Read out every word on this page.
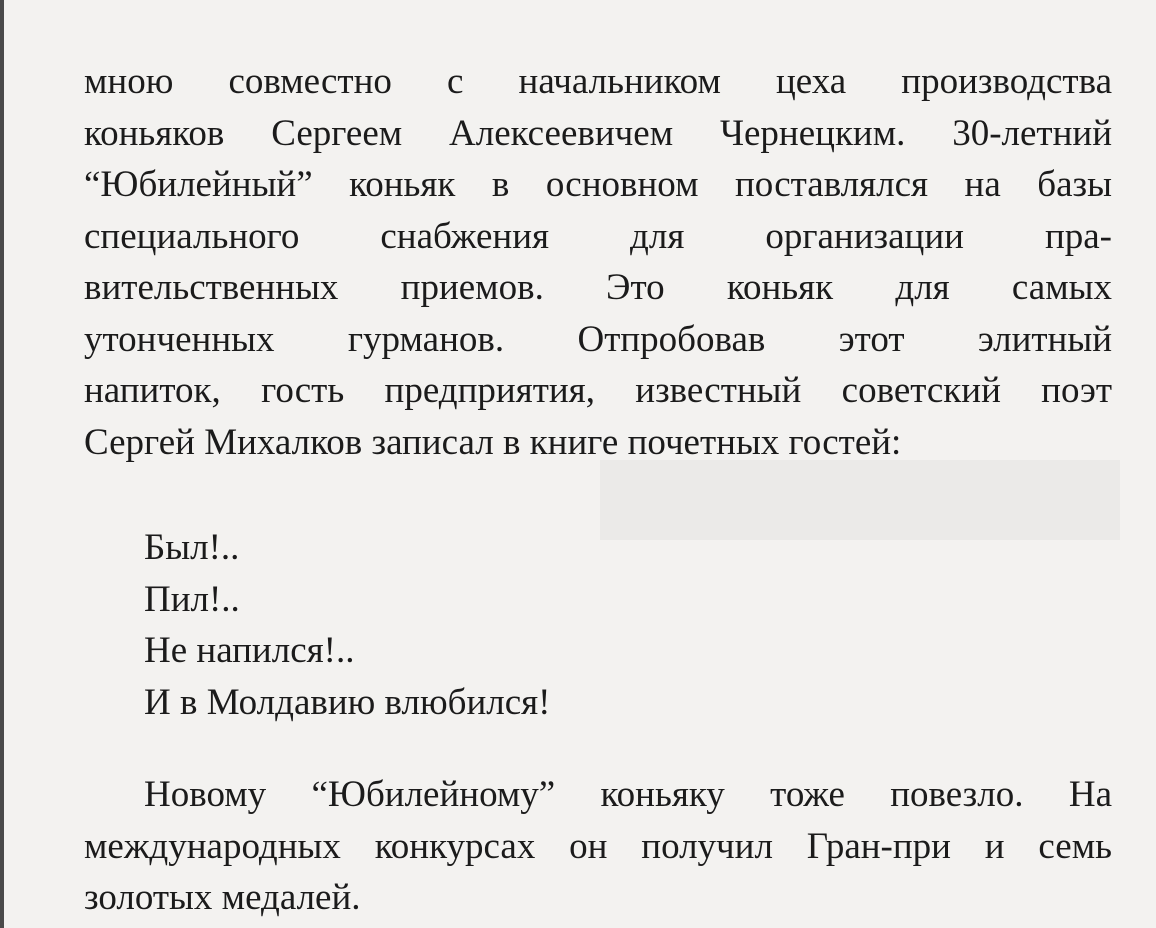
мною совместно с начальником цеха производства
коньяков Сергеем Алексеевичем Чернецким. 30-летний
“Юбилейный” коньяк в основном поставлялся на базы
специального снабжения для организации пра-
вительственных приемов. Это коньяк для самых
утонченных гурманов. Отпробовав этот элитный
напиток, гость предприятия, известный советский поэт
Сергей Михалков записал в книге почетных гостей:

Был!..
Пил!..
Не напился!..
И в Молдавию влюбился!

Новому “Юбилейному” коньяку тоже повезло. На
международных конкурсах он получил Гран-при и семь
золотых медалей.
